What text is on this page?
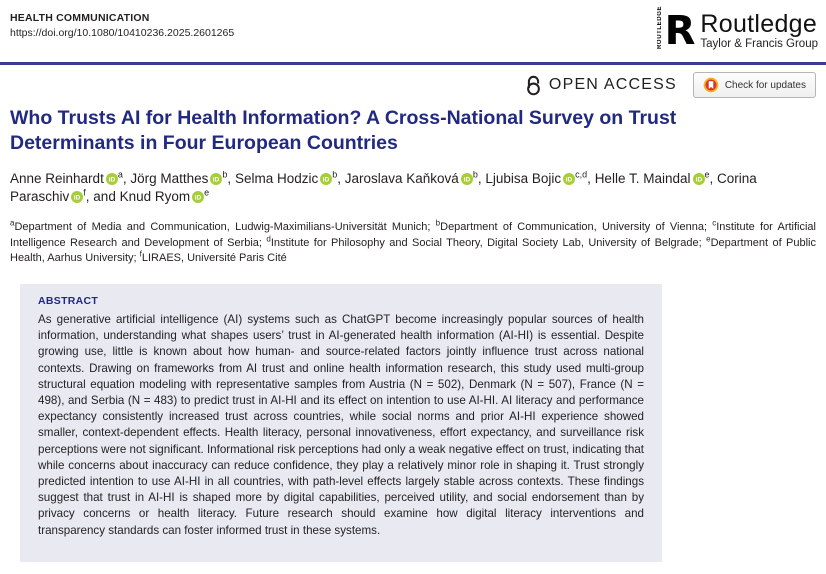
HEALTH COMMUNICATION
https://doi.org/10.1080/10410236.2025.2601265	ROUTLEDGE R Routledge
Taylor & Francis Group
OPEN ACCESS	Check for updates
Who Trusts AI for Health Information? A Cross-National Survey on Trust Determinants in Four European Countries

Anne Reinhardt iD
$^a$, Jörg Matthes iD
$^b$, Selma Hodzic iD
$^b$, Jaroslava Kaňková iD
$^b$, Ljubisa Bojic iD
$^{c,d}$, Helle T. Maindal iD
$^e$, Corina Paraschiv iD
$^f$, and Knud Ryom iD
$^e$

$^a$Department of Media and Communication, Ludwig-Maximilians-Universität Munich; $^b$Department of Communication, University of Vienna; $^c$Institute for Artificial Intelligence Research and Development of Serbia; $^d$Institute for Philosophy and Social Theory, Digital Society Lab, University of Belgrade; $^e$Department of Public Health, Aarhus University; $^f$LIRAES, Université Paris Cité

ABSTRACT
As generative artificial intelligence (AI) systems such as ChatGPT become increasingly popular sources of health information, understanding what shapes users’ trust in AI-generated health information (AI-HI) is essential. Despite growing use, little is known about how human- and source-related factors jointly influence trust across national contexts. Drawing on frameworks from AI trust and online health information research, this study used multi-group structural equation modeling with representative samples from Austria (N = 502), Denmark (N = 507), France (N = 498), and Serbia (N = 483) to predict trust in AI-HI and its effect on intention to use AI-HI. AI literacy and performance expectancy consistently increased trust across countries, while social norms and prior AI-HI experience showed smaller, context-dependent effects. Health literacy, personal innovativeness, effort expectancy, and surveillance risk perceptions were not significant. Informational risk perceptions had only a weak negative effect on trust, indicating that while concerns about inaccuracy can reduce confidence, they play a relatively minor role in shaping it. Trust strongly predicted intention to use AI-HI in all countries, with path-level effects largely stable across contexts. These findings suggest that trust in AI-HI is shaped more by digital capabilities, perceived utility, and social endorsement than by privacy concerns or health literacy. Future research should examine how digital literacy interventions and transparency standards can foster informed trust in these systems.
